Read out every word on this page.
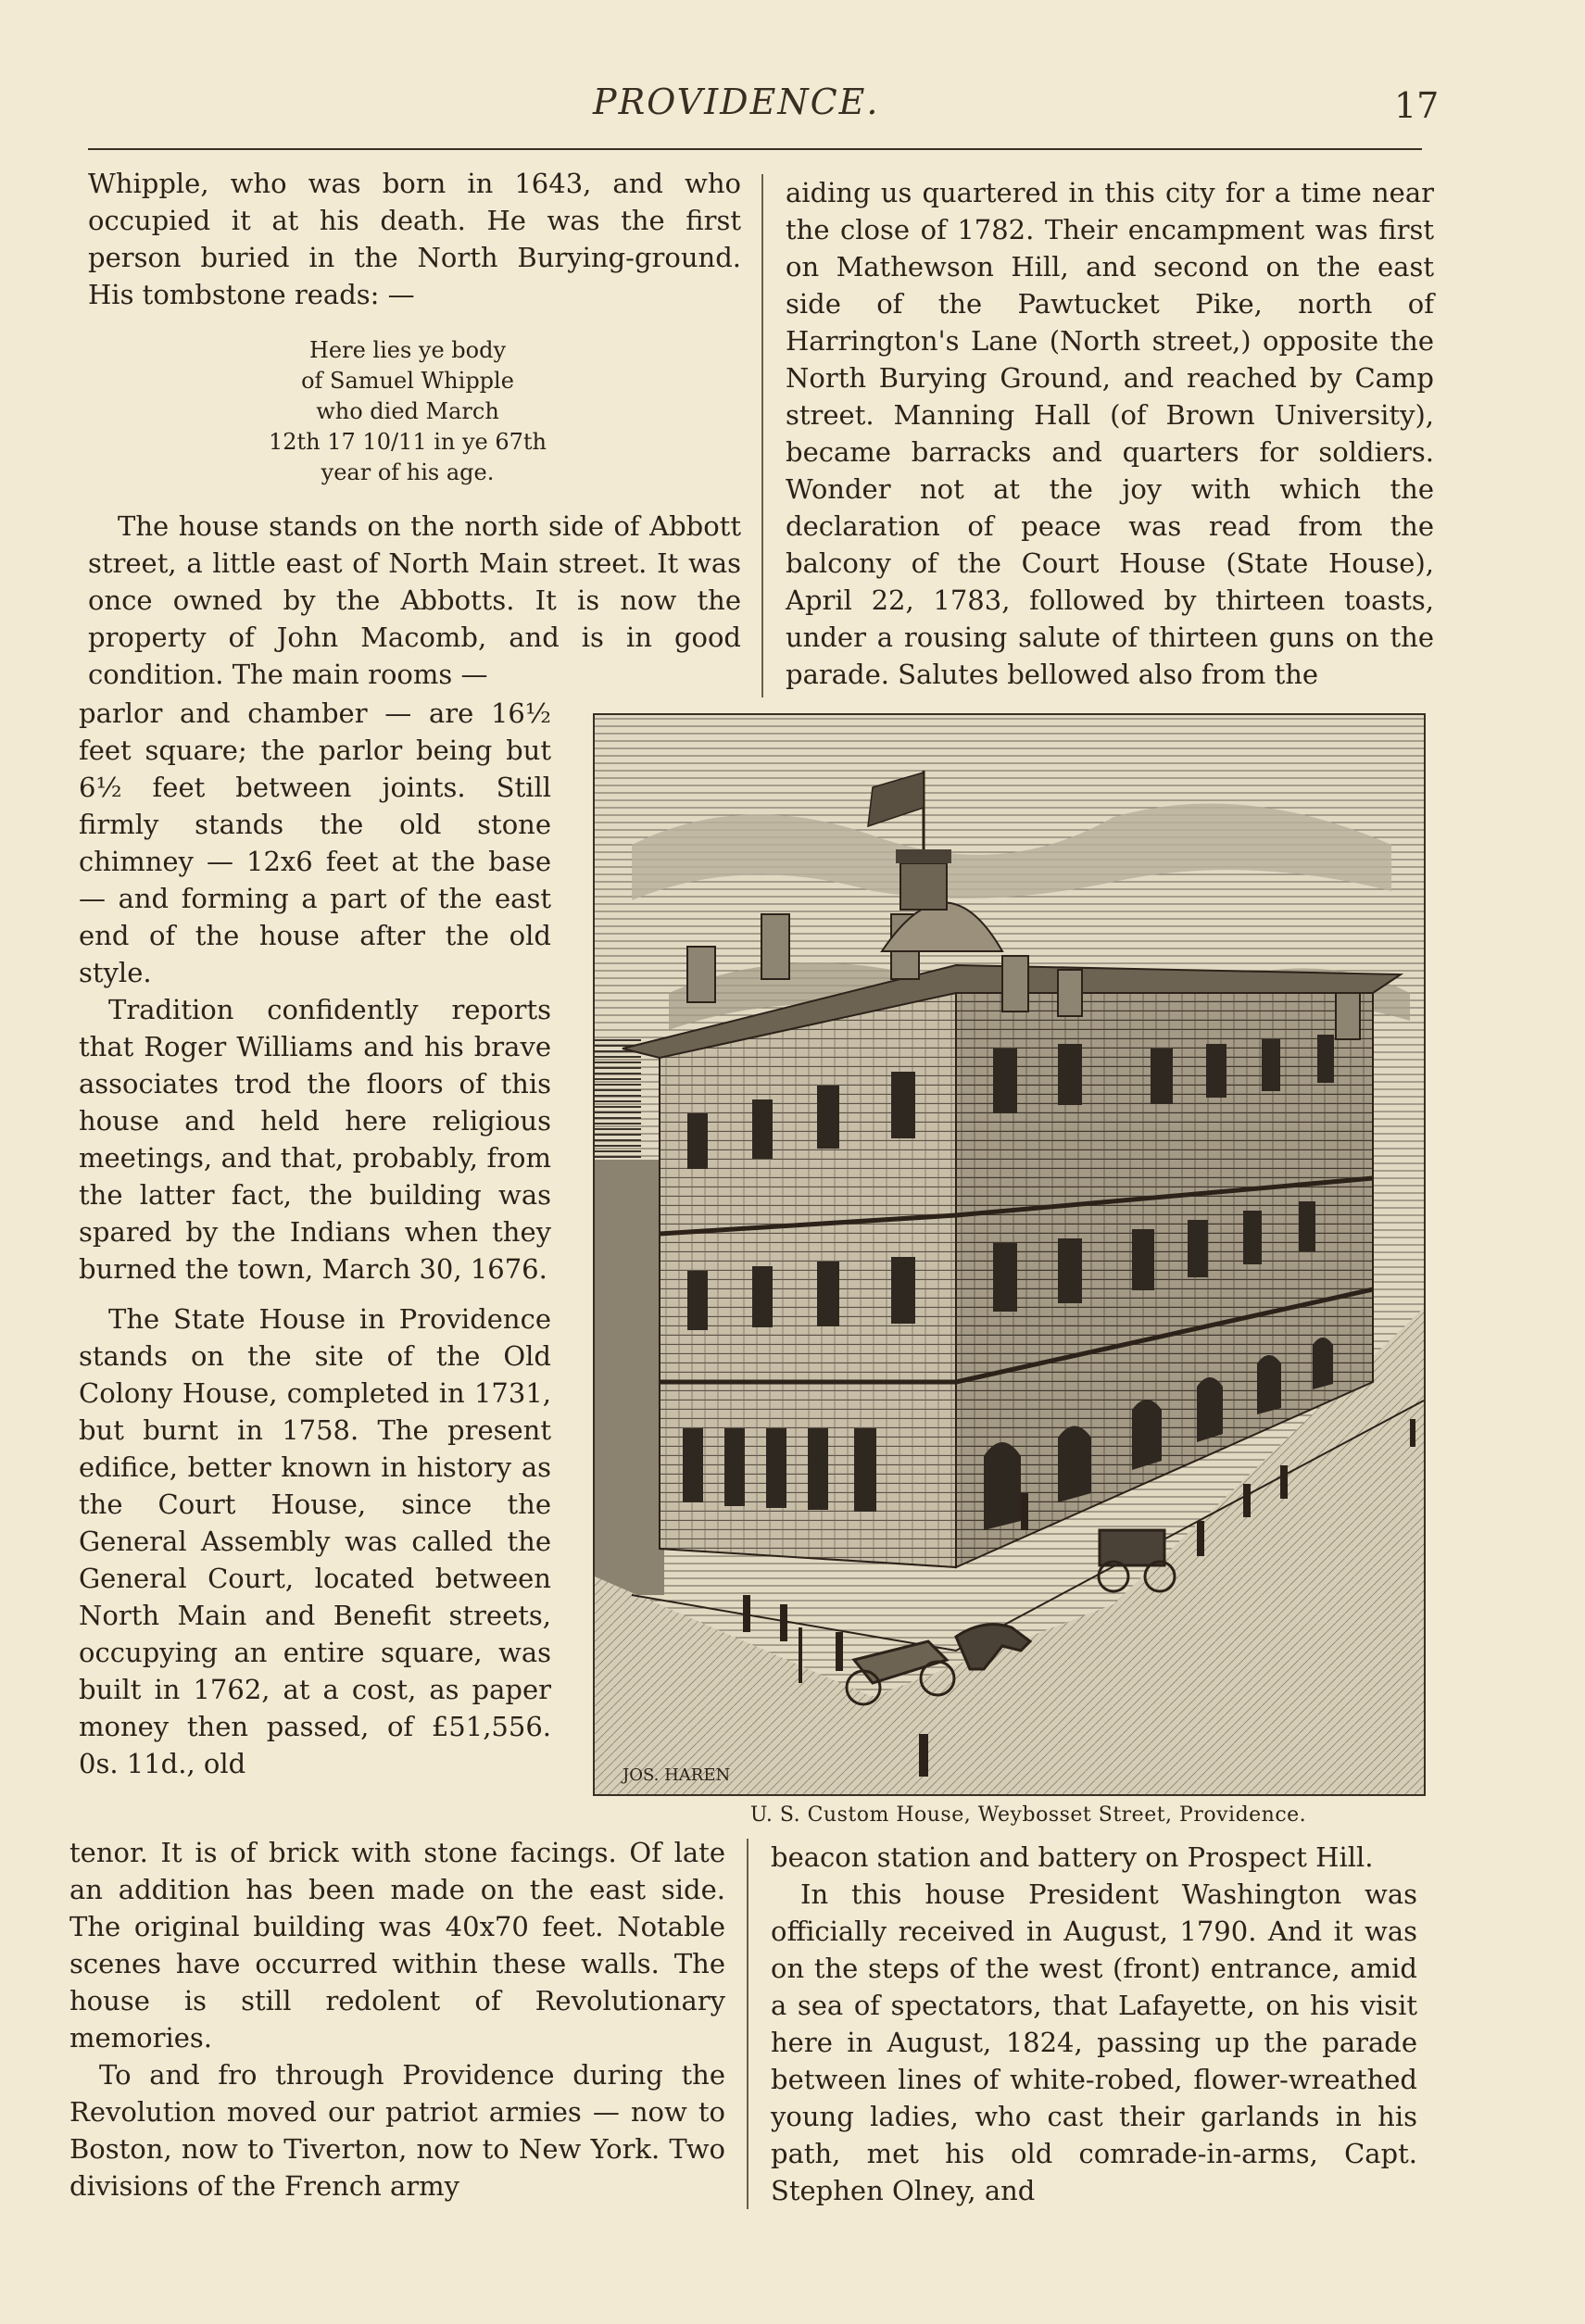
PROVIDENCE.	17

Whipple, who was born in 1643, and who occupied it at his death. He was the first person buried in the North Burying-ground. His tombstone reads: —

Here lies ye body
of Samuel Whipple
who died March
12th 17 10/11 in ye 67th
year of his age.

The house stands on the north side of Abbott street, a little east of North Main street. It was once owned by the Abbotts. It is now the property of John Macomb, and is in good condition. The main rooms —

parlor and chamber — are 16½ feet square; the parlor being but 6½ feet between joints. Still firmly stands the old stone chimney — 12x6 feet at the base — and forming a part of the east end of the house after the old style.

Tradition confidently reports that Roger Williams and his brave associates trod the floors of this house and held here religious meetings, and that, probably, from the latter fact, the building was spared by the Indians when they burned the town, March 30, 1676.

The State House in Providence stands on the site of the Old Colony House, completed in 1731, but burnt in 1758. The present edifice, better known in history as the Court House, since the General Assembly was called the General Court, located between North Main and Benefit streets, occupying an entire square, was built in 1762, at a cost, as paper money then passed, of £51,556. 0s. 11d., old

tenor. It is of brick with stone facings. Of late an addition has been made on the east side. The original building was 40x70 feet. Notable scenes have occurred within these walls. The house is still redolent of Revolutionary memories.

To and fro through Providence during the Revolution moved our patriot armies — now to Boston, now to Tiverton, now to New York. Two divisions of the French army

aiding us quartered in this city for a time near the close of 1782. Their encampment was first on Mathewson Hill, and second on the east side of the Pawtucket Pike, north of Harrington's Lane (North street,) opposite the North Burying Ground, and reached by Camp street. Manning Hall (of Brown University), became barracks and quarters for soldiers. Wonder not at the joy with which the declaration of peace was read from the balcony of the Court House (State House), April 22, 1783, followed by thirteen toasts, under a rousing salute of thirteen guns on the parade. Salutes bellowed also from the

JOS. HAREN
U. S. Custom House, Weybosset Street, Providence.

beacon station and battery on Prospect Hill.

In this house President Washington was officially received in August, 1790. And it was on the steps of the west (front) entrance, amid a sea of spectators, that Lafayette, on his visit here in August, 1824, passing up the parade between lines of white-robed, flower-wreathed young ladies, who cast their garlands in his path, met his old comrade-in-arms, Capt. Stephen Olney, and
